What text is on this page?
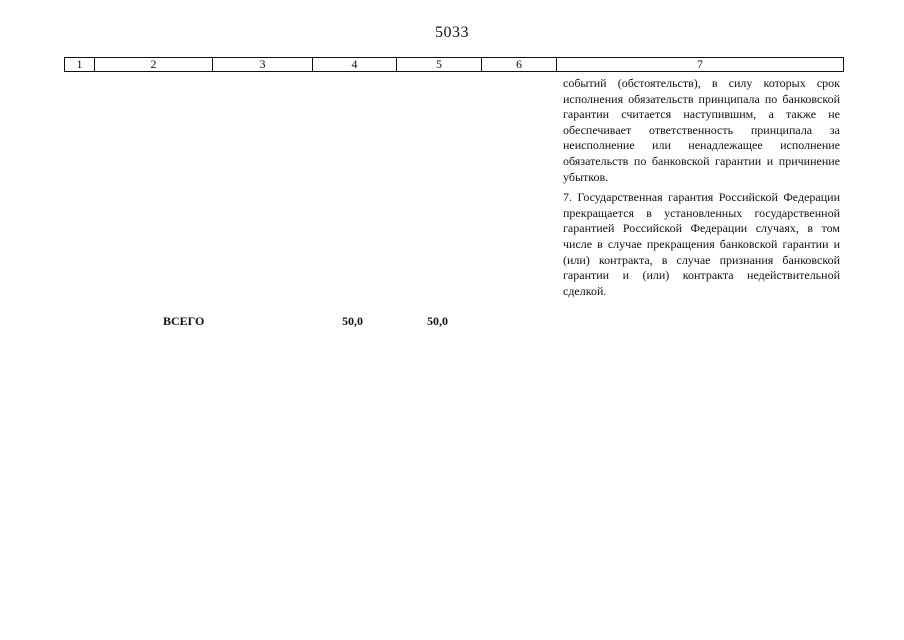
5033
1	2	3	4	5	6	7

событий (обстоятельств), в силу которых срок исполнения обязательств принципала по банковской гарантии считается наступившим, а также не обеспечивает ответственность принципала за неисполнение или ненадлежащее исполнение обязательств по банковской гарантии и причинение убытков.

7. Государственная гарантия Российской Федерации прекращается в установленных государственной гарантией Российской Федерации случаях, в том числе в случае прекращения банковской гарантии и (или) контракта, в случае признания банковской гарантии и (или) контракта недействительной сделкой.

ВСЕГО	50,0	50,0
